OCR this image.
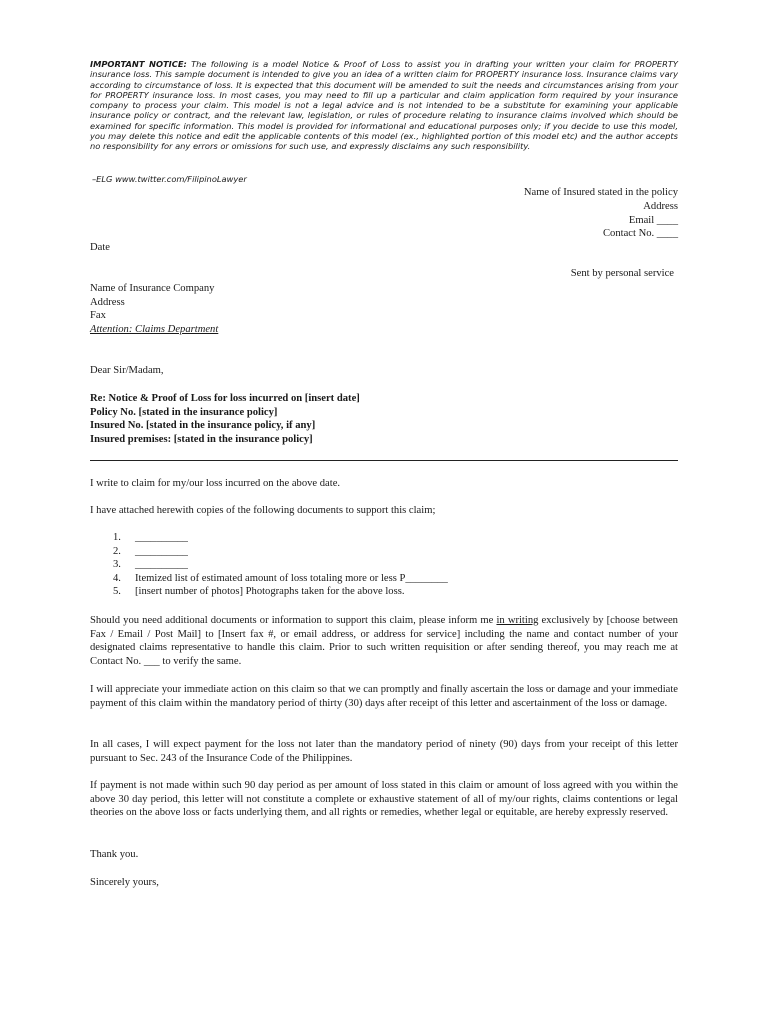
IMPORTANT NOTICE: The following is a model Notice & Proof of Loss to assist you in drafting your written your claim for PROPERTY insurance loss. This sample document is intended to give you an idea of a written claim for PROPERTY insurance loss. Insurance claims vary according to circumstance of loss. It is expected that this document will be amended to suit the needs and circumstances arising from your for PROPERTY insurance loss. In most cases, you may need to fill up a particular and claim application form required by your insurance company to process your claim. This model is not a legal advice and is not intended to be a substitute for examining your applicable insurance policy or contract, and the relevant law, legislation, or rules of procedure relating to insurance claims involved which should be examined for specific information. This model is provided for informational and educational purposes only; if you decide to use this model, you may delete this notice and edit the applicable contents of this model (ex., highlighted portion of this model etc) and the author accepts no responsibility for any errors or omissions for such use, and expressly disclaims any such responsibility.
–ELG www.twitter.com/FilipinoLawyer
Name of Insured stated in the policy
Address
Email ____
Contact No. ____
Date
Sent by personal service
Name of Insurance Company
Address
Fax
Attention: Claims Department
Dear Sir/Madam,
Re: Notice & Proof of Loss for loss incurred on [insert date]
Policy No. [stated in the insurance policy]
Insured No. [stated in the insurance policy, if any]
Insured premises: [stated in the insurance policy]
I write to claim for my/our loss incurred on the above date.
I have attached herewith copies of the following documents to support this claim;
1. __________
2. __________
3. __________
4. Itemized list of estimated amount of loss totaling more or less P________
5. [insert number of photos] Photographs taken for the above loss.
Should you need additional documents or information to support this claim, please inform me in writing exclusively by [choose between Fax / Email / Post Mail] to [Insert fax #, or email address, or address for service] including the name and contact number of your designated claims representative to handle this claim. Prior to such written requisition or after sending thereof, you may reach me at Contact No. ___ to verify the same.
I will appreciate your immediate action on this claim so that we can promptly and finally ascertain the loss or damage and your immediate payment of this claim within the mandatory period of thirty (30) days after receipt of this letter and ascertainment of the loss or damage.
In all cases, I will expect payment for the loss not later than the mandatory period of ninety (90) days from your receipt of this letter pursuant to Sec. 243 of the Insurance Code of the Philippines.
If payment is not made within such 90 day period as per amount of loss stated in this claim or amount of loss agreed with you within the above 30 day period, this letter will not constitute a complete or exhaustive statement of all of my/our rights, claims contentions or legal theories on the above loss or facts underlying them, and all rights or remedies, whether legal or equitable, are hereby expressly reserved.
Thank you.
Sincerely yours,
